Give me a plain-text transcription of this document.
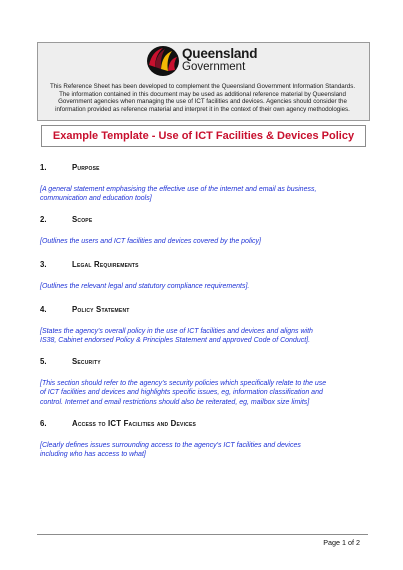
Queensland
Government
This Reference Sheet has been developed to complement the Queensland Government Information Standards.
The information contained in this document may be used as additional reference material by Queensland
Government agencies when managing the use of ICT facilities and devices. Agencies should consider the
information provided as reference material and interpret it in the context of their own agency methodologies.
Example Template - Use of ICT Facilities & Devices Policy
1.	Purpose
[A general statement emphasising the effective use of the internet and email as business,
communication and education tools]
2.	Scope
[Outlines the users and ICT facilities and devices covered by the policy]
3.	Legal Requirements
[Outlines the relevant legal and statutory compliance requirements].
4.	Policy Statement
[States the agency's overall policy in the use of ICT facilities and devices and aligns with
IS38, Cabinet endorsed Policy & Principles Statement and approved Code of Conduct].
5.	Security
[This section should refer to the agency's security policies which specifically relate to the use
of ICT facilities and devices and highlights specific issues, eg, information classification and
control. Internet and email restrictions should also be reiterated, eg, mailbox size limits]
6.	Access to ICT Facilities and Devices
[Clearly defines issues surrounding access to the agency's ICT facilities and devices
including who has access to what]
Page 1 of 2
